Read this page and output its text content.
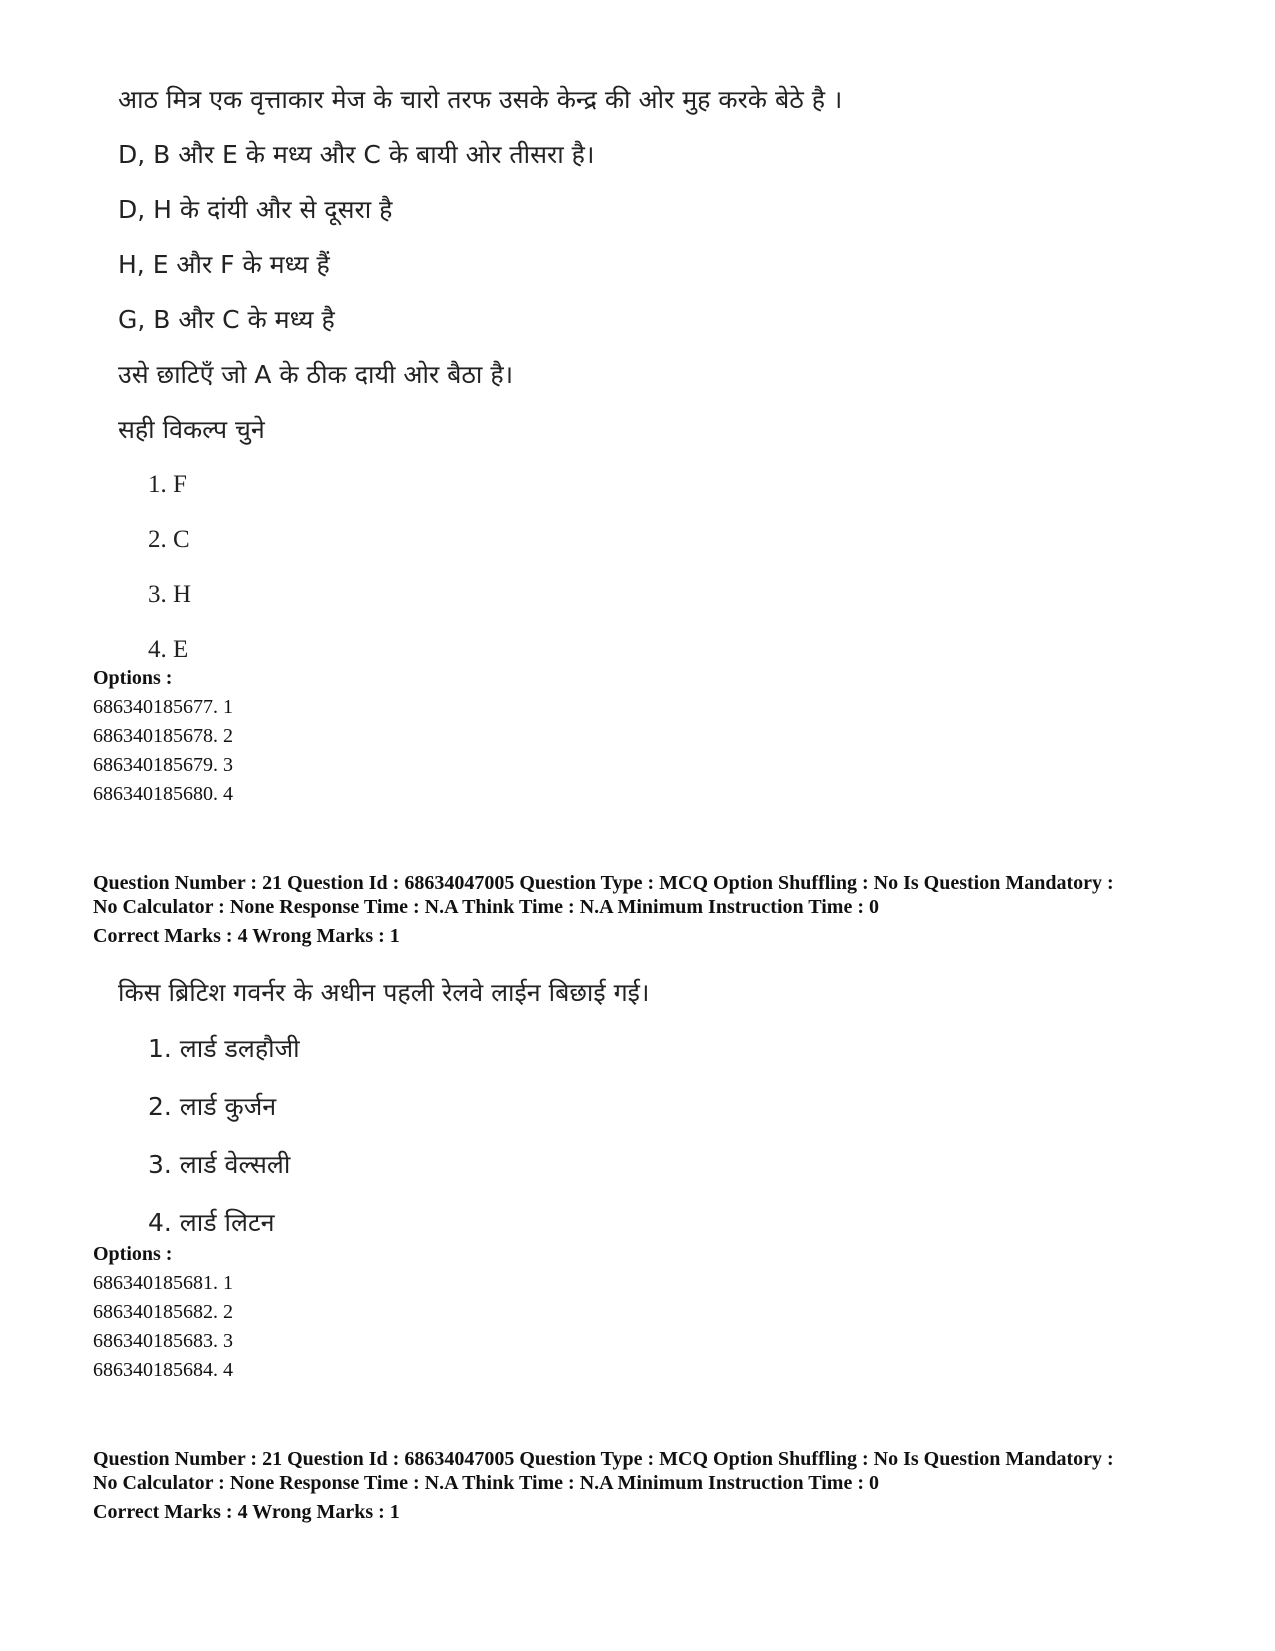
आठ मित्र एक वृत्ताकार मेज के चारो तरफ उसके केन्द्र की ओर मुह करके बेठे है ।
D, B और E के मध्य और C के बायी ओर तीसरा है।
D, H के दांयी और से दूसरा है
H, E और F के मध्य हैं
G, B और C के मध्य है
उसे छाटिएँ जो A के ठीक दायी ओर बैठा है।
सही विकल्प चुने
1. F
2. C
3. H
4. E
Options :
686340185677. 1
686340185678. 2
686340185679. 3
686340185680. 4
Question Number : 21 Question Id : 68634047005 Question Type : MCQ Option Shuffling : No Is Question Mandatory :
No Calculator : None Response Time : N.A Think Time : N.A Minimum Instruction Time : 0
Correct Marks : 4 Wrong Marks : 1
किस ब्रिटिश गवर्नर के अधीन पहली रेलवे लाईन बिछाई गई।
1. लार्ड डलहौजी
2. लार्ड कुर्जन
3. लार्ड वेल्सली
4. लार्ड लिटन
Options :
686340185681. 1
686340185682. 2
686340185683. 3
686340185684. 4
Question Number : 21 Question Id : 68634047005 Question Type : MCQ Option Shuffling : No Is Question Mandatory :
No Calculator : None Response Time : N.A Think Time : N.A Minimum Instruction Time : 0
Correct Marks : 4 Wrong Marks : 1
